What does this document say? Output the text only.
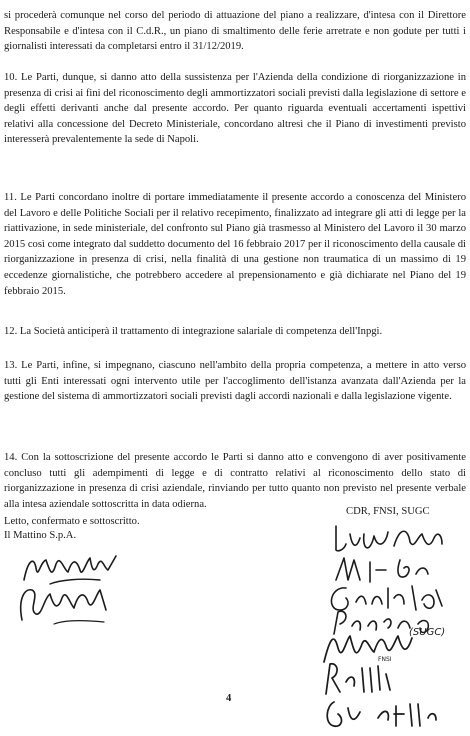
si procederà comunque nel corso del periodo di attuazione del piano a realizzare, d'intesa con il Direttore Responsabile e d'intesa con il C.d.R., un piano di smaltimento delle ferie arretrate e non godute per tutti i giornalisti interessati da completarsi entro il 31/12/2019.

10. Le Parti, dunque, si danno atto della sussistenza per l'Azienda della condizione di riorganizzazione in presenza di crisi ai fini del riconoscimento degli ammortizzatori sociali previsti dalla legislazione di settore e degli effetti derivanti anche dal presente accordo. Per quanto riguarda eventuali accertamenti ispettivi relativi alla concessione del Decreto Ministeriale, concordano altresì che il Piano di investimenti previsto interesserà prevalentemente la sede di Napoli.

11. Le Parti concordano inoltre di portare immediatamente il presente accordo a conoscenza del Ministero del Lavoro e delle Politiche Sociali per il relativo recepimento, finalizzato ad integrare gli atti di legge per la riattivazione, in sede ministeriale, del confronto sul Piano già trasmesso al Ministero del Lavoro il 30 marzo 2015 così come integrato dal suddetto documento del 16 febbraio 2017 per il riconoscimento della causale di riorganizzazione in presenza di crisi, nella finalità di una gestione non traumatica di un massimo di 19 eccedenze giornalistiche, che potrebbero accedere al prepensionamento e già dichiarate nel Piano del 19 febbraio 2015.

12. La Società anticiperà il trattamento di integrazione salariale di competenza dell'Inpgi.

13. Le Parti, infine, si impegnano, ciascuno nell'ambito della propria competenza, a mettere in atto verso tutti gli Enti interessati ogni intervento utile per l'accoglimento dell'istanza avanzata dall'Azienda per la gestione del sistema di ammortizzatori sociali previsti dagli accordi nazionali e dalla legislazione vigente.

14. Con la sottoscrizione del presente accordo le Parti si danno atto e convengono di aver positivamente concluso tutti gli adempimenti di legge e di contratto relativi al riconoscimento dello stato di riorganizzazione in presenza di crisi aziendale, rinviando per tutto quanto non previsto nel presente verbale alla intesa aziendale sottoscritta in data odierna.

Letto, confermato e sottoscritto.

Il Mattino S.p.A.
CDR, FNSI, SUGC
(SUGC)
FNSI
4
